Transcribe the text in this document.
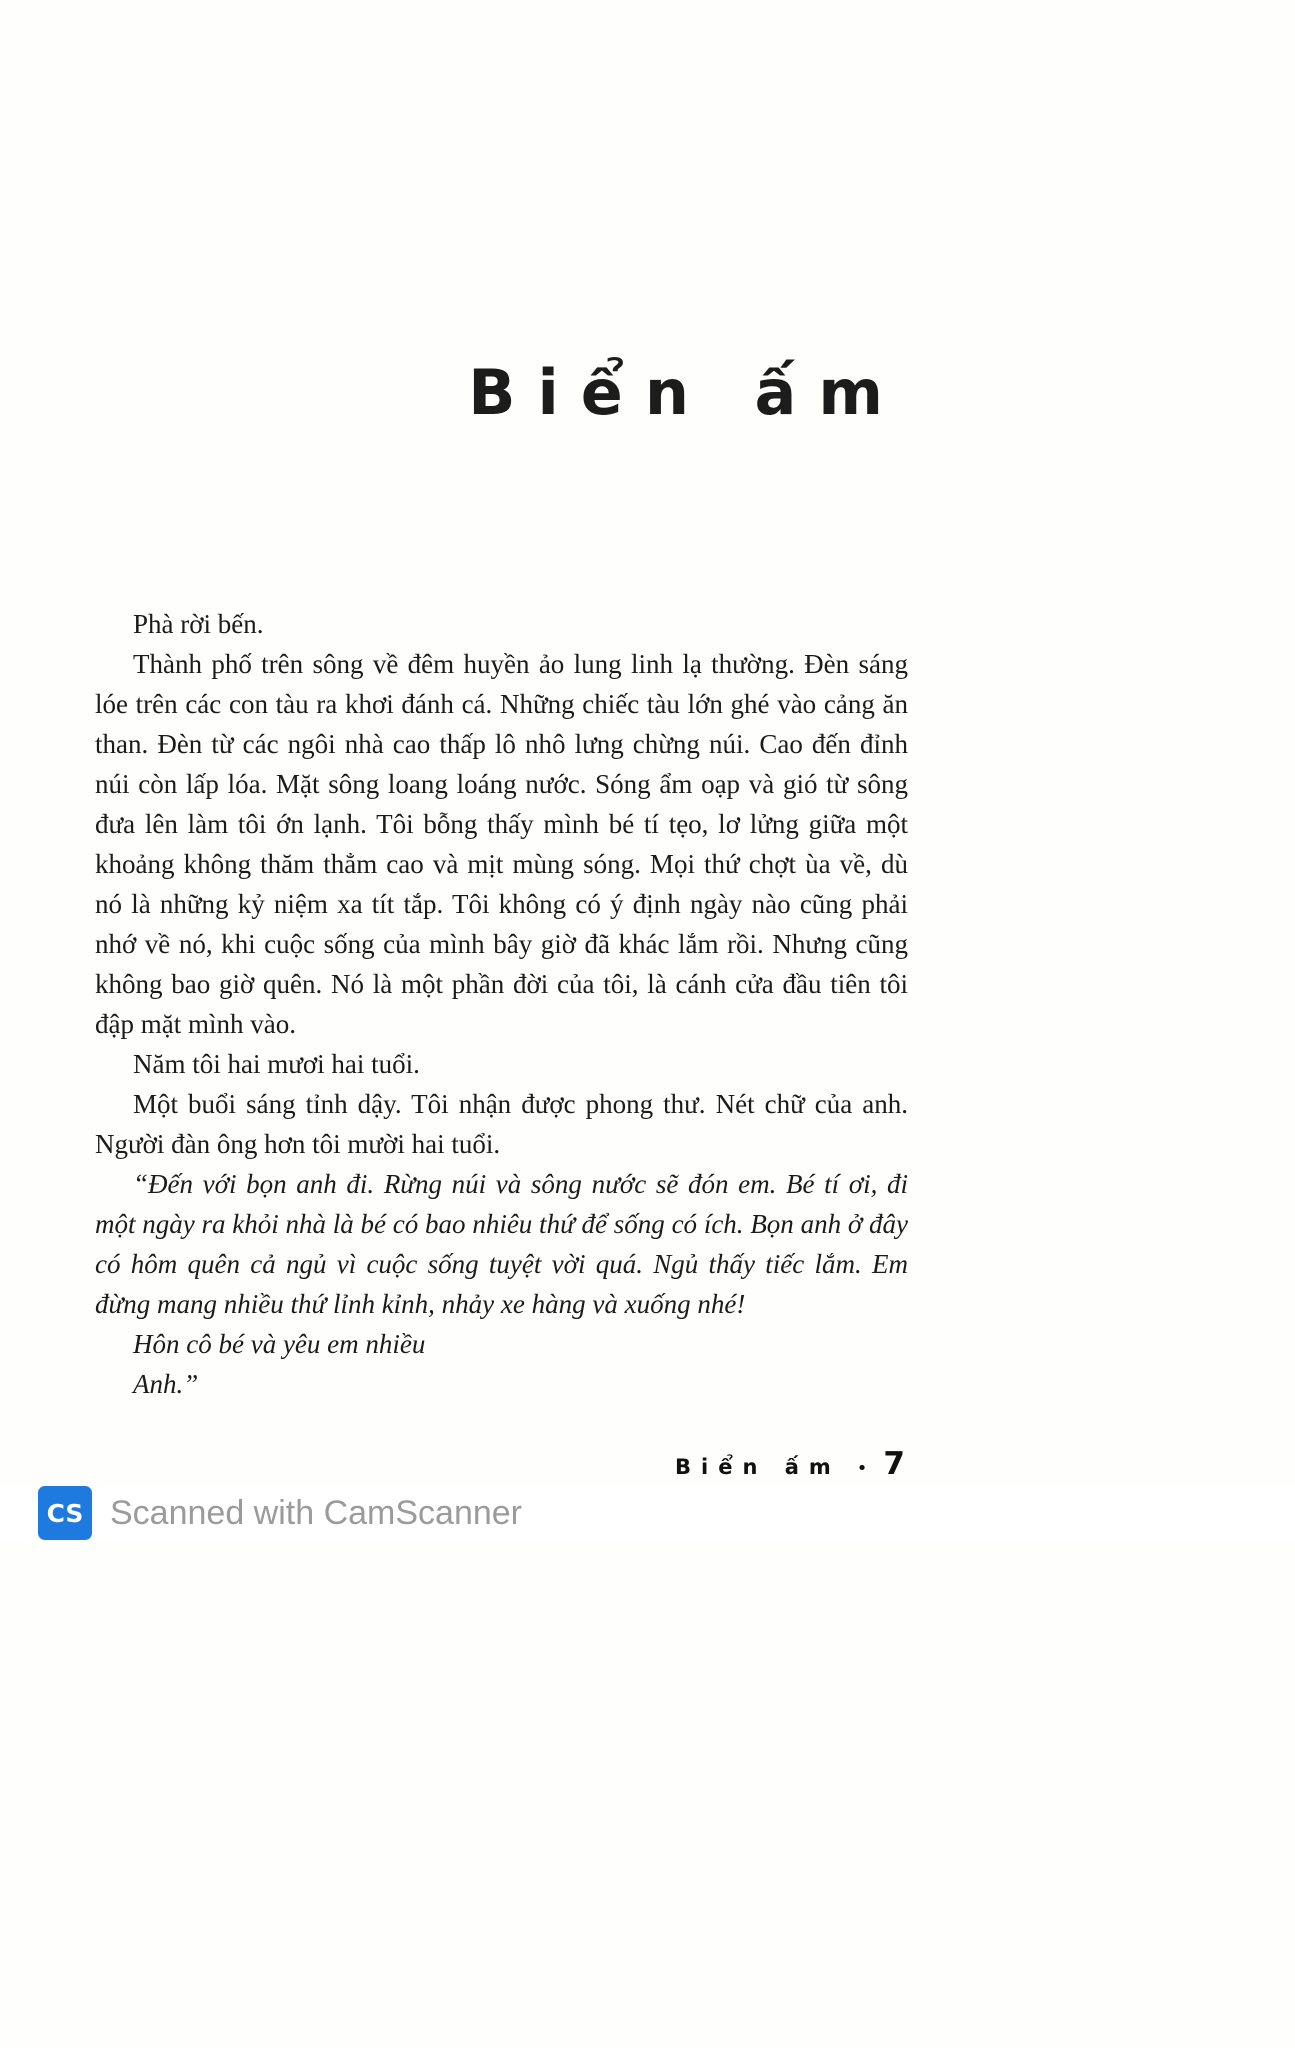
Biển ấm

Phà rời bến.

Thành phố trên sông về đêm huyền ảo lung linh lạ thường. Đèn sáng lóe trên các con tàu ra khơi đánh cá. Những chiếc tàu lớn ghé vào cảng ăn than. Đèn từ các ngôi nhà cao thấp lô nhô lưng chừng núi. Cao đến đỉnh núi còn lấp lóa. Mặt sông loang loáng nước. Sóng ẩm oạp và gió từ sông đưa lên làm tôi ớn lạnh. Tôi bỗng thấy mình bé tí tẹo, lơ lửng giữa một khoảng không thăm thẳm cao và mịt mùng sóng. Mọi thứ chợt ùa về, dù nó là những kỷ niệm xa tít tắp. Tôi không có ý định ngày nào cũng phải nhớ về nó, khi cuộc sống của mình bây giờ đã khác lắm rồi. Nhưng cũng không bao giờ quên. Nó là một phần đời của tôi, là cánh cửa đầu tiên tôi đập mặt mình vào.

Năm tôi hai mươi hai tuổi.

Một buổi sáng tỉnh dậy. Tôi nhận được phong thư. Nét chữ của anh. Người đàn ông hơn tôi mười hai tuổi.

“Đến với bọn anh đi. Rừng núi và sông nước sẽ đón em. Bé tí ơi, đi một ngày ra khỏi nhà là bé có bao nhiêu thứ để sống có ích. Bọn anh ở đây có hôm quên cả ngủ vì cuộc sống tuyệt vời quá. Ngủ thấy tiếc lắm. Em đừng mang nhiều thứ lỉnh kỉnh, nhảy xe hàng và xuống nhé!

Hôn cô bé và yêu em nhiều

Anh.”

Biển ấm • 7
CS Scanned with CamScanner
